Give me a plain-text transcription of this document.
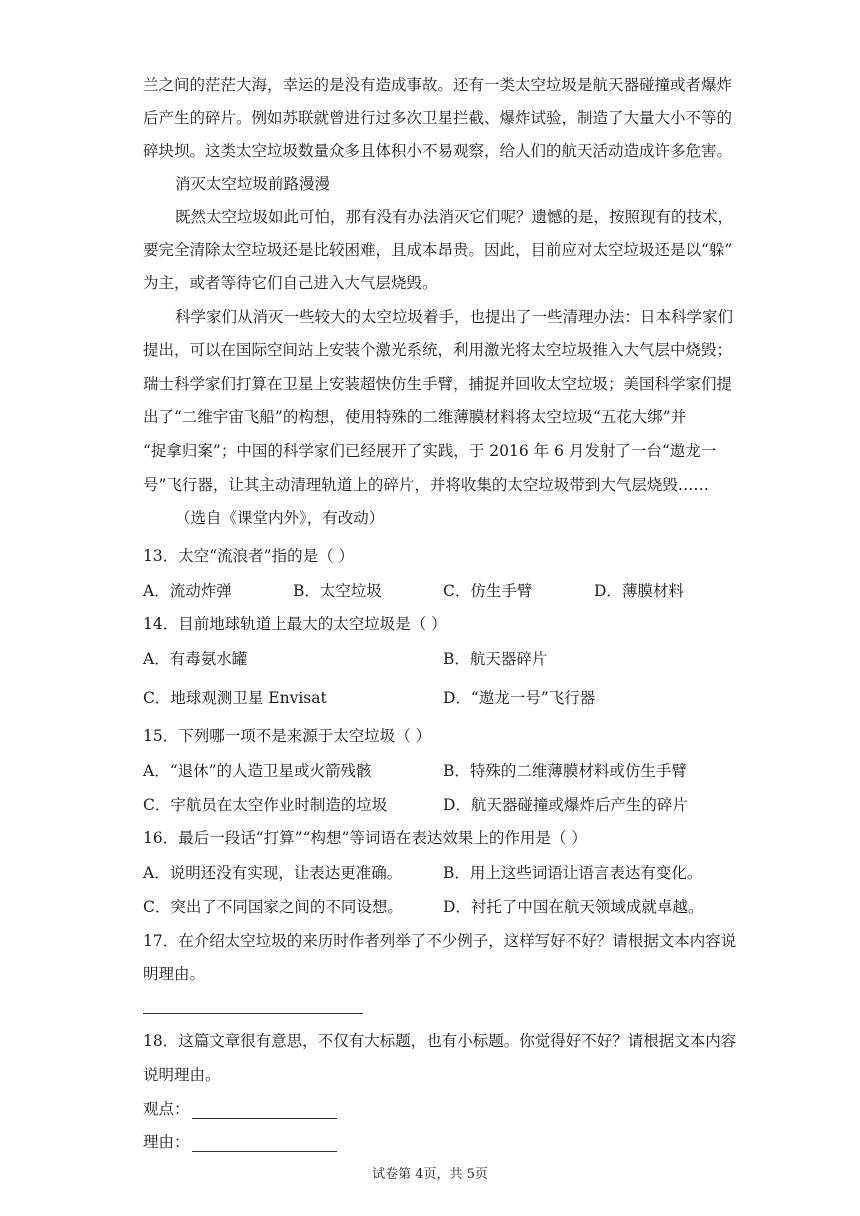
兰之间的茫茫大海，幸运的是没有造成事故。还有一类太空垃圾是航天器碰撞或者爆炸
后产生的碎片。例如苏联就曾进行过多次卫星拦截、爆炸试验，制造了大量大小不等的
碎块坝。这类太空垃圾数量众多且体积小不易观察，给人们的航天活动造成许多危害。
消灭太空垃圾前路漫漫
既然太空垃圾如此可怕，那有没有办法消灭它们呢？遗憾的是，按照现有的技术，
要完全清除太空垃圾还是比较困难，且成本昂贵。因此，目前应对太空垃圾还是以“躲”
为主，或者等待它们自己进入大气层烧毁。
科学家们从消灭一些较大的太空垃圾着手，也提出了一些清理办法：日本科学家们
提出，可以在国际空间站上安装个激光系统，利用激光将太空垃圾推入大气层中烧毁；
瑞士科学家们打算在卫星上安装超快仿生手臂，捕捉并回收太空垃圾；美国科学家们提
出了“二维宇宙飞船”的构想，使用特殊的二维薄膜材料将太空垃圾“五花大绑”并
“捉拿归案”；中国的科学家们已经展开了实践，于 2016 年 6 月发射了一台“遨龙一
号”飞行器，让其主动清理轨道上的碎片，并将收集的太空垃圾带到大气层烧毁……
（选自《课堂内外》，有改动）
13．太空“流浪者”指的是（ ）
A．流动炸弹	B．太空垃圾	C．仿生手臂	D．薄膜材料
14．目前地球轨道上最大的太空垃圾是（ ）
A．有毒氨水罐	B．航天器碎片
C．地球观测卫星 Envisat	D．“遨龙一号”飞行器
15．下列哪一项不是来源于太空垃圾（ ）
A．“退休”的人造卫星或火箭残骸	B．特殊的二维薄膜材料或仿生手臂
C．宇航员在太空作业时制造的垃圾	D．航天器碰撞或爆炸后产生的碎片
16．最后一段话“打算”“构想”等词语在表达效果上的作用是（ ）
A．说明还没有实现，让表达更准确。	B．用上这些词语让语言表达有变化。
C．突出了不同国家之间的不同设想。	D．衬托了中国在航天领域成就卓越。
17．在介绍太空垃圾的来历时作者列举了不少例子，这样写好不好？请根据文本内容说
明理由。
18．这篇文章很有意思，不仅有大标题，也有小标题。你觉得好不好？请根据文本内容
说明理由。
观点：
理由：
试卷第 4页，共 5页
